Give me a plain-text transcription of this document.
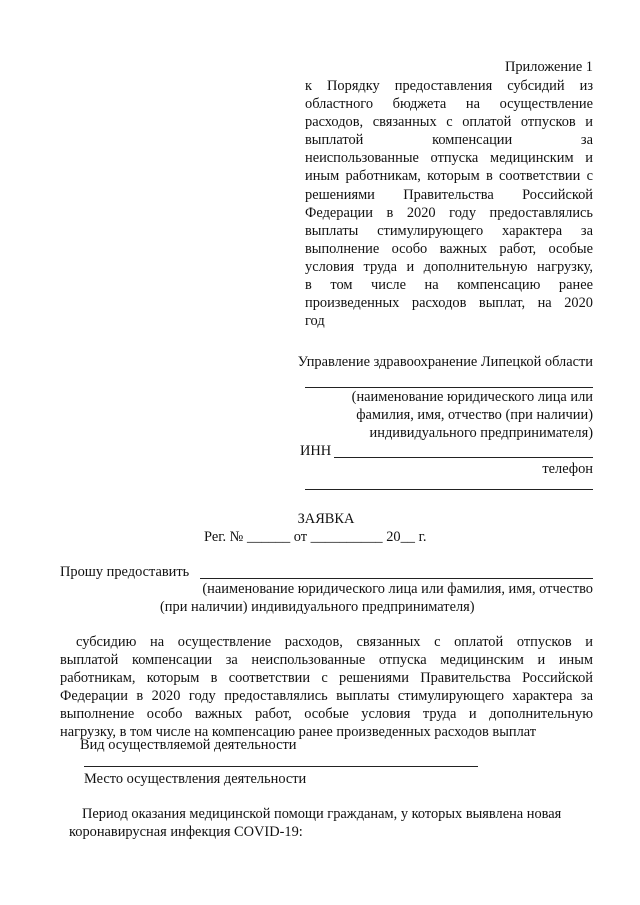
Приложение 1
к Порядку предоставления субсидий из
областного бюджета на осуществление
расходов, связанных с оплатой отпусков и
выплатой компенсации за
неиспользованные отпуска медицинским и
иным работникам, которым в соответствии с
решениями Правительства Российской
Федерации в 2020 году предоставлялись
выплаты стимулирующего характера за
выполнение особо важных работ, особые
условия труда и дополнительную нагрузку,
в том числе на компенсацию ранее
произведенных расходов выплат, на 2020
год
Управление здравоохранение Липецкой области
(наименование юридического лица или
фамилия, имя, отчество (при наличии)
индивидуального предпринимателя)
ИНН
телефон
ЗАЯВКА
Рег. № ______ от __________ 20__ г.
Прошу предоставить
(наименование юридического лица или фамилия, имя, отчество
(при наличии) индивидуального предпринимателя)
субсидию на осуществление расходов, связанных с оплатой отпусков и
выплатой компенсации за неиспользованные отпуска медицинским и иным
работникам, которым в соответствии с решениями Правительства Российской
Федерации в 2020 году предоставлялись выплаты стимулирующего характера за
выполнение особо важных работ, особые условия труда и дополнительную
нагрузку, в том числе на компенсацию ранее произведенных расходов выплат
Вид осуществляемой деятельности
Место осуществления деятельности
Период оказания медицинской помощи гражданам, у которых выявлена новая
коронавирусная инфекция COVID-19:
